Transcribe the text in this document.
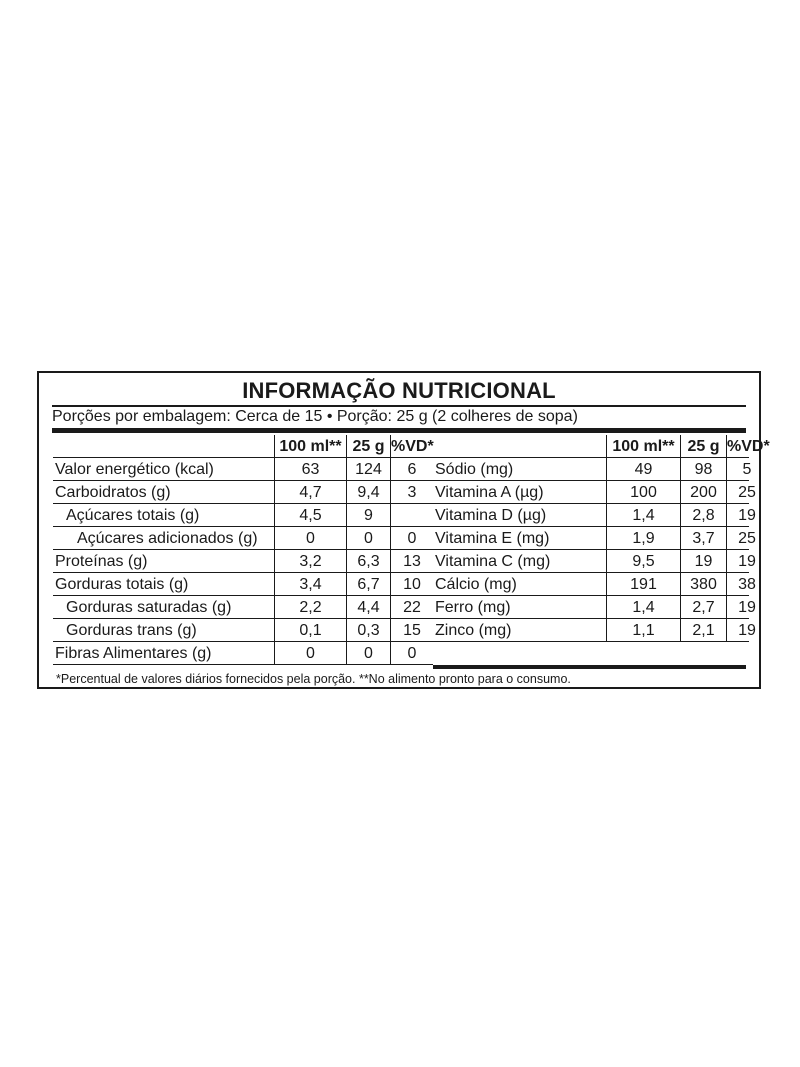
INFORMAÇÃO NUTRICIONAL
Porções por embalagem: Cerca de 15 • Porção: 25 g (2 colheres de sopa)
100 ml** 25 g %VD*
Valor energético (kcal)	63	124	6
Carboidratos (g)	4,7	9,4	3
Açúcares totais (g)	4,5	9
Açúcares adicionados (g)	0	0	0
Proteínas (g)	3,2	6,3	13
Gorduras totais (g)	3,4	6,7	10
Gorduras saturadas (g)	2,2	4,4	22
Gorduras trans (g)	0,1	0,3	15
Fibras Alimentares (g)	0	0	0
100 ml** 25 g %VD*
Sódio (mg)	49	98	5
Vitamina A (µg)	100	200	25
Vitamina D (µg)	1,4	2,8	19
Vitamina E (mg)	1,9	3,7	25
Vitamina C (mg)	9,5	19	19
Cálcio (mg)	191	380	38
Ferro (mg)	1,4	2,7	19
Zinco (mg)	1,1	2,1	19
*Percentual de valores diários fornecidos pela porção. **No alimento pronto para o consumo.
